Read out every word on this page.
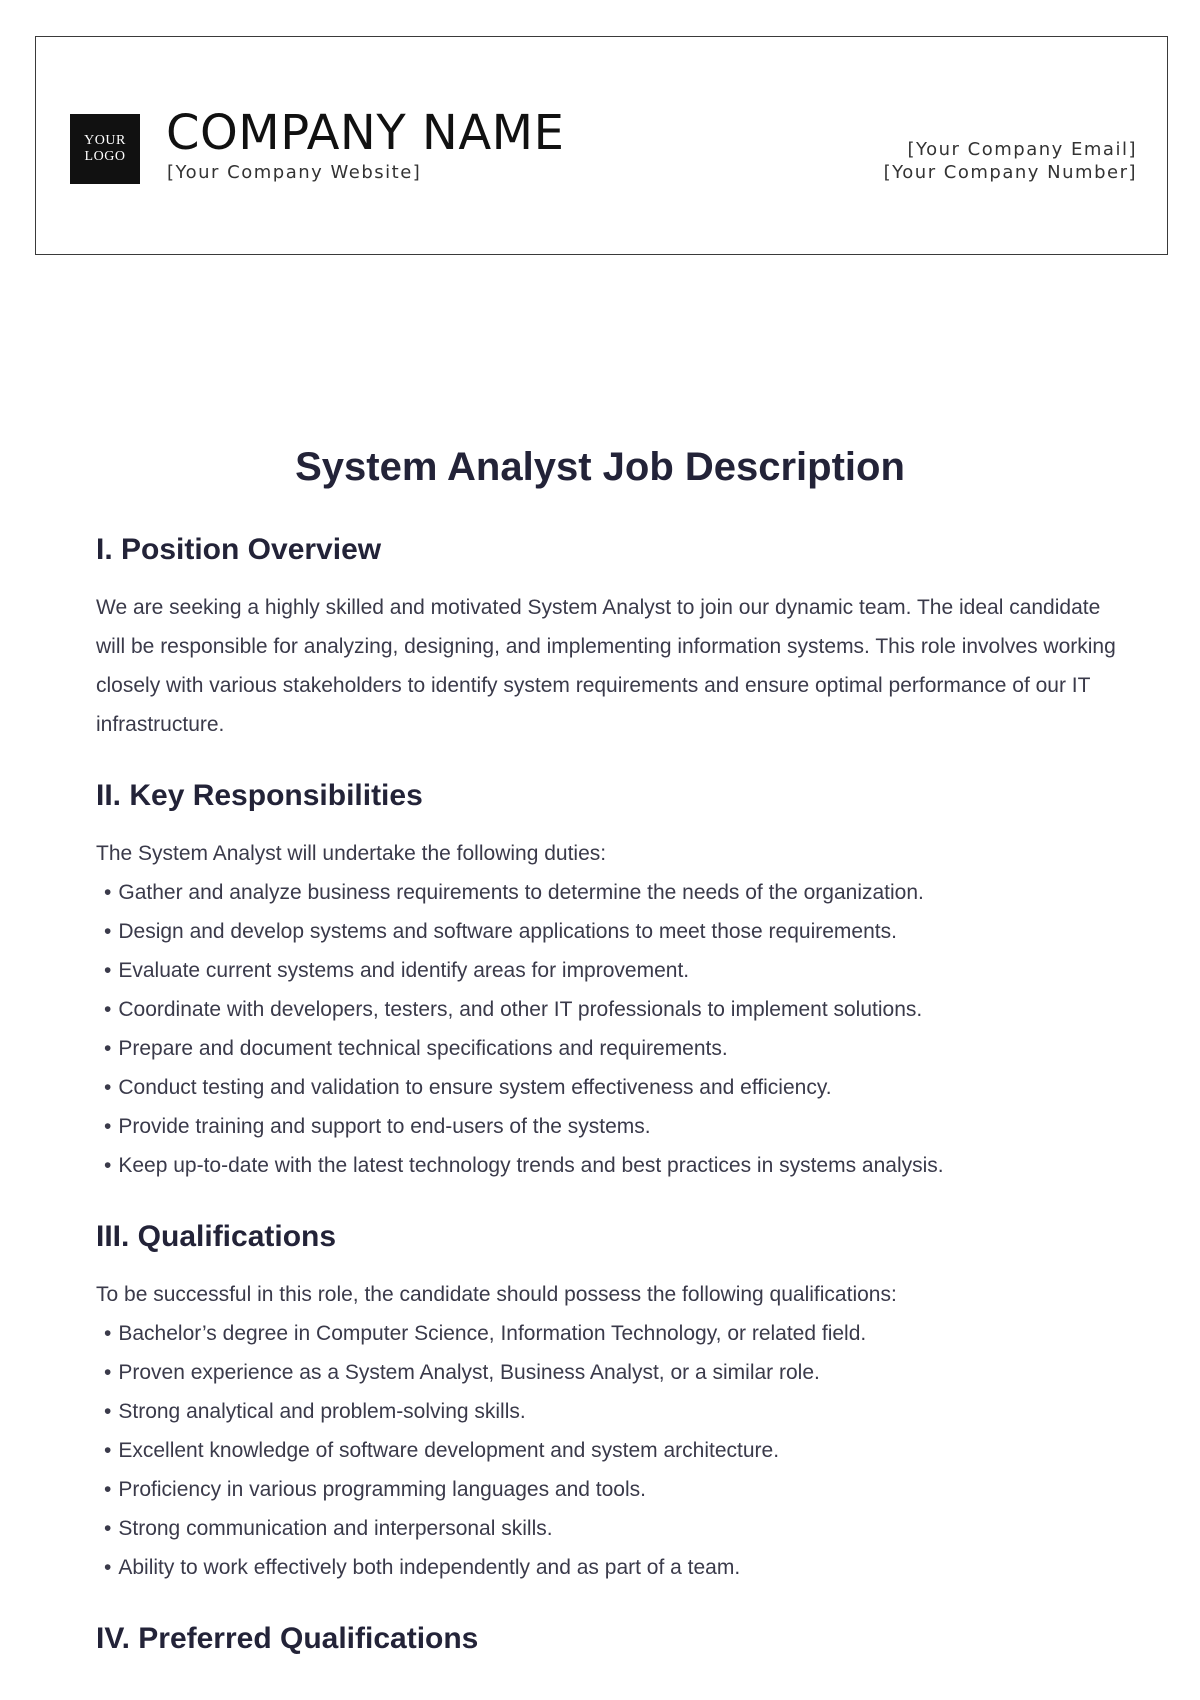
YOUR
LOGO COMPANY NAME
[Your Company Website]
[Your Company Email]
[Your Company Number]
System Analyst Job Description
I. Position Overview

We are seeking a highly skilled and motivated System Analyst to join our dynamic team. The ideal candidate will be responsible for analyzing, designing, and implementing information systems. This role involves working closely with various stakeholders to identify system requirements and ensure optimal performance of our IT infrastructure.

II. Key Responsibilities

The System Analyst will undertake the following duties:

• Gather and analyze business requirements to determine the needs of the organization.
• Design and develop systems and software applications to meet those requirements.
• Evaluate current systems and identify areas for improvement.
• Coordinate with developers, testers, and other IT professionals to implement solutions.
• Prepare and document technical specifications and requirements.
• Conduct testing and validation to ensure system effectiveness and efficiency.
• Provide training and support to end-users of the systems.
• Keep up-to-date with the latest technology trends and best practices in systems analysis.
III. Qualifications

To be successful in this role, the candidate should possess the following qualifications:

• Bachelor’s degree in Computer Science, Information Technology, or related field.
• Proven experience as a System Analyst, Business Analyst, or a similar role.
• Strong analytical and problem-solving skills.
• Excellent knowledge of software development and system architecture.
• Proficiency in various programming languages and tools.
• Strong communication and interpersonal skills.
• Ability to work effectively both independently and as part of a team.
IV. Preferred Qualifications
